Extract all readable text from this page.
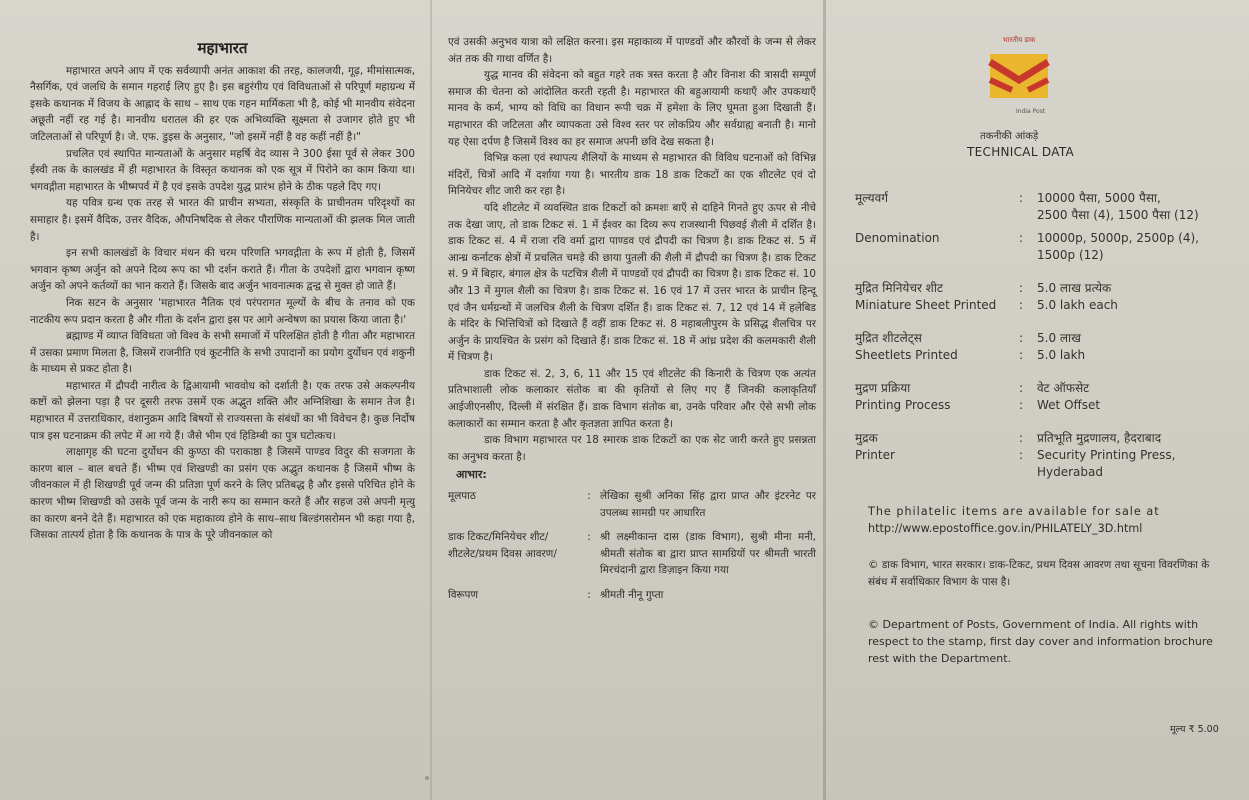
महाभारत

महाभारत अपने आप में एक सर्वव्यापी अनंत आकाश की तरह, कालजयी, गूढ़, मीमांसात्मक, नैसर्गिक, एवं जलधि के समान गहराई लिए हुए है। इस बहुरंगीय एवं विविधताओं से परिपूर्ण महाग्रन्थ में इसके कथानक में विजय के आह्लाद के साथ – साथ एक गहन मार्मिकता भी है, कोई भी मानवीय संवेदना अछूती नहीं रह गई है। मानवीय धरातल की हर एक अभिव्यक्ति सूक्ष्मता से उजागर होते हुए भी जटिलताओं से परिपूर्ण है। जे. एफ. डुइस के अनुसार, "जो इसमें नहीं है वह कहीं नहीं है।"

प्रचलित एवं स्थापित मान्यताओं के अनुसार महर्षि वेद व्यास ने 300 ईसा पूर्व से लेकर 300 ईस्वी तक के कालखंड में ही महाभारत के विस्तृत कथानक को एक सूत्र में पिरोने का काम किया था। भगवद्गीता महाभारत के भीष्मपर्व में है एवं इसके उपदेश युद्ध प्रारंभ होने के ठीक पहले दिए गए।

यह पवित्र ग्रन्थ एक तरह से भारत की प्राचीन सभ्यता, संस्कृति के प्राचीनतम परिदृश्यों का समाहार है। इसमें वैदिक, उत्तर वैदिक, औपनिषदिक से लेकर पौराणिक मान्यताओं की झलक मिल जाती है।

इन सभी कालखंडों के विचार मंथन की चरम परिणति भगवद्गीता के रूप में होती है, जिसमें भगवान कृष्ण अर्जुन को अपने दिव्य रूप का भी दर्शन कराते हैं। गीता के उपदेशों द्वारा भगवान कृष्ण अर्जुन को अपने कर्तव्यों का भान कराते हैं। जिसके बाद अर्जुन भावनात्मक द्वन्द्व से मुक्त हो जाते हैं।

निक सटन के अनुसार 'महाभारत नैतिक एवं परंपरागत मूल्यों के बीच के तनाव को एक नाटकीय रूप प्रदान करता है और गीता के दर्शन द्वारा इस पर आगे अन्वेषण का प्रयास किया जाता है।'

ब्रह्माण्ड में व्याप्त विविधता जो विश्व के सभी समाजों में परिलक्षित होती है गीता और महाभारत में उसका प्रमाण मिलता है, जिसमें राजनीति एवं कूटनीति के सभी उपादानों का प्रयोग दुर्योधन एवं शकुनी के माध्यम से प्रकट होता है।

महाभारत में द्रौपदी नारीत्व के द्विआयामी भाववोध को दर्शाती है। एक तरफ उसे अकल्पनीय कष्टों को झेलना पड़ा है पर दूसरी तरफ उसमें एक अद्भुत शक्ति और अग्निशिखा के समान तेज है। महाभारत में उत्तराधिकार, वंशानुक्रम आदि बिषयों से राज्यसत्ता के संबंधों का भी विवेचन है। कुछ निर्दोष पात्र इस घटनाक्रम की लपेट में आ गये हैं। जैसे भीम एवं हिडिम्बी का पुत्र घटोत्कच।

लाक्षागृह की घटना दुर्योधन की कुण्ठा की पराकाष्ठा है जिसमें पाण्डव विदुर की सजगता के कारण बाल – बाल बचते हैं। भीष्म एवं शिखण्डी का प्रसंग एक अद्भुत कथानक है जिसमें भीष्म के जीवनकाल में ही शिखण्डी पूर्व जन्म की प्रतिज्ञा पूर्ण करने के लिए प्रतिबद्ध है और इससे परिचित होने के कारण भीष्म शिखण्डी को उसके पूर्व जन्म के नारी रूप का सम्मान करते हैं और सहज उसे अपनी मृत्यु का कारण बनने देते हैं। महाभारत को एक महाकाव्य होने के साथ–साथ बिल्डंगसरोमन भी कहा गया है, जिसका तात्पर्य होता है कि कथानक के पात्र के पूरे जीवनकाल को

एवं उसकी अनुभव यात्रा को लक्षित करना। इस महाकाव्य में पाण्डवों और कौरवों के जन्म से लेकर अंत तक की गाथा वर्णित है।

युद्ध मानव की संवेदना को बहुत गहरे तक त्रस्त करता है और विनाश की त्रासदी सम्पूर्ण समाज की चेतना को आंदोलित करती रहती है। महाभारत की बहुआयामी कथाएँ और उपकथाएँ मानव के कर्म, भाग्य को विधि का विधान रूपी चक्र में हमेशा के लिए घूमता हुआ दिखाती हैं। महाभारत की जटिलता और व्यापकता उसे विश्व स्तर पर लोकप्रिय और सर्वग्राह्य बनाती है। मानो यह ऐसा दर्पण है जिसमें विश्व का हर समाज अपनी छवि देख सकता है।

विभिन्न कला एवं स्थापत्य शैलियों के माध्यम से महाभारत की विविध घटनाओं को विभिन्न मंदिरों, चित्रों आदि में दर्शाया गया है। भारतीय डाक 18 डाक टिकटों का एक शीटलेट एवं दो मिनियेचर शीट जारी कर रहा है।

यदि शीटलेट में व्यवस्थित डाक टिकटों को क्रमशः बाएँ से दाहिने गिनते हुए ऊपर से नीचे तक देखा जाए, तो डाक टिकट सं. 1 में ईश्वर का दिव्य रूप राजस्थानी पिछवई शैली में दर्शित है। डाक टिकट सं. 4 में राजा रवि वर्मा द्वारा पाण्डव एवं द्रौपदी का चित्रण है। डाक टिकट सं. 5 में आन्ध्र कर्नाटक क्षेत्रों में प्रचलित चमड़े की छाया पुतली की शैली में द्रौपदी का चित्रण है। डाक टिकट सं. 9 में बिहार, बंगाल क्षेत्र के पटचित्र शैली में पाण्डवों एवं द्रौपदी का चित्रण है। डाक टिकट सं. 10 और 13 में मुगल शैली का चित्रण है। डाक टिकट सं. 16 एवं 17 में उत्तर भारत के प्राचीन हिन्दू एवं जैन धर्मग्रन्थों में जलचित्र शैली के चित्रण दर्शित हैं। डाक टिकट सं. 7, 12 एवं 14 में हलेबिड के मंदिर के भित्तिचित्रों को दिखाते हैं वहीं डाक टिकट सं. 8 महाबलीपुरम के प्रसिद्ध शैलचित्र पर अर्जुन के प्रायश्चित के प्रसंग को दिखाते हैं। डाक टिकट सं. 18 में आंध्र प्रदेश की कलमकारी शैली में चित्रण है।

डाक टिकट सं. 2, 3, 6, 11 और 15 एवं शीटलेट की किनारी के चित्रण एक अत्यंत प्रतिभाशाली लोक कलाकार संतोक बा की कृतियों से लिए गए हैं जिनकी कलाकृतियाँ आईजीएनसीए, दिल्ली में संरक्षित हैं। डाक विभाग संतोक बा, उनके परिवार और ऐसे सभी लोक कलाकारों का सम्मान करता है और कृतज्ञता ज्ञापित करता है।

डाक विभाग महाभारत पर 18 स्मारक डाक टिकटों का एक सेट जारी करते हुए प्रसन्नता का अनुभव करता है।

आभार:
मूलपाठ	: लेखिका सुश्री अनिका सिंह द्वारा प्राप्त और इंटरनेट पर उपलब्ध सामग्री पर आधारित
डाक टिकट/मिनियेचर शीट/ शीटलेट/प्रथम दिवस आवरण/
: श्री लक्ष्मीकान्त दास (डाक विभाग), सुश्री मीना मनी, श्रीमती संतोक बा द्वारा प्राप्त सामग्रियों पर श्रीमती भारती मिरचंदानी द्वारा डिज़ाइन किया गया
विरूपण	: श्रीमती नीनू गुप्ता
भारतीय डाक
India Post
तकनीकी आंकड़े
TECHNICAL DATA
मूल्यवर्ग	:	10000 पैसा, 5000 पैसा,
2500 पैसा (4), 1500 पैसा (12)
Denomination	:	10000p, 5000p, 2500p (4),
1500p (12)
मुद्रित मिनियेचर शीट	:	5.0 लाख प्रत्येक
Miniature Sheet Printed	:	5.0 lakh each
मुद्रित शीटलेट्स	:	5.0 लाख
Sheetlets Printed	:	5.0 lakh
मुद्रण प्रक्रिया	:	वेट ऑफसेट
Printing Process	:	Wet Offset
मुद्रक	:	प्रतिभूति मुद्रणालय, हैदराबाद
Printer	:	Security Printing Press,
Hyderabad
The philatelic items are available for sale at
http://www.epostoffice.gov.in/PHILATELY_3D.html
© डाक विभाग, भारत सरकार। डाक-टिकट, प्रथम दिवस आवरण तथा सूचना विवरणिका के संबंध में सर्वाधिकार विभाग के पास है।
© Department of Posts, Government of India. All rights with respect to the stamp, first day cover and information brochure rest with the Department.
मूल्य ₹ 5.00
